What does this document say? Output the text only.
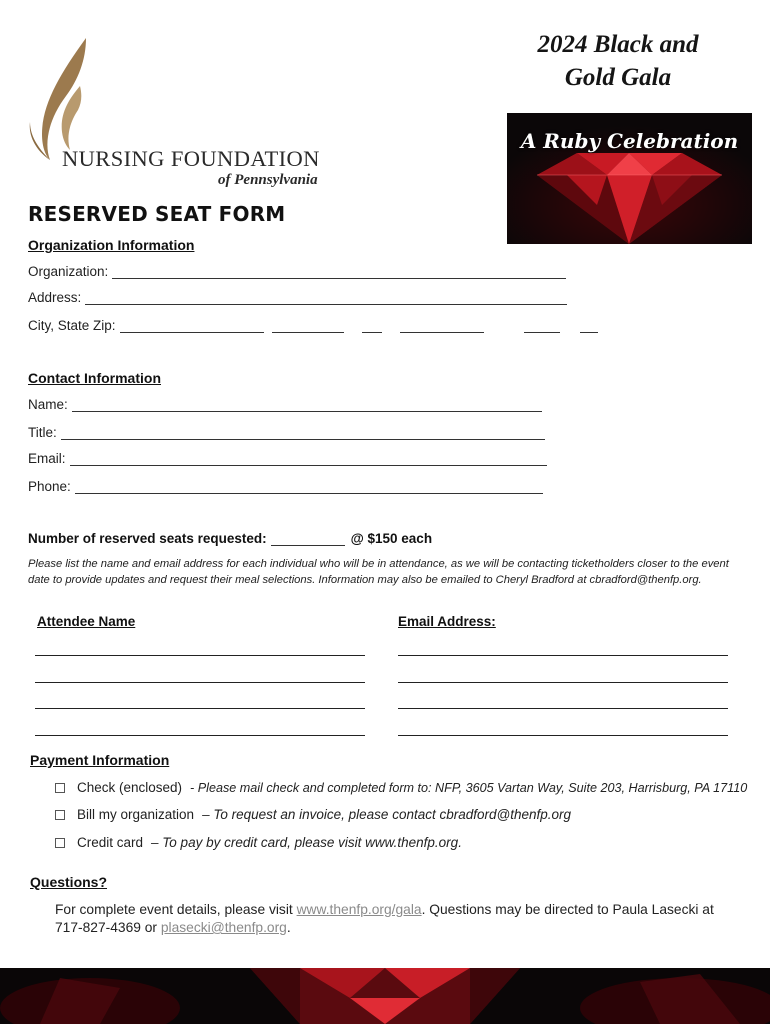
NURSING FOUNDATION
of Pennsylvania
2024 Black and
Gold Gala
A Ruby Celebration
RESERVED SEAT FORM
Organization Information
Organization:
Address:
City, State Zip:
Contact Information
Name:
Title:
Email:
Phone:
Number of reserved seats requested:	@ $150 each
Please list the name and email address for each individual who will be in attendance, as we will be contacting ticketholders closer to the event date to provide updates and request their meal selections. Information may also be emailed to Cheryl Bradford at cbradford@thenfp.org.
Attendee Name	Email Address:
Payment Information
Check (enclosed) - Please mail check and completed form to: NFP, 3605 Vartan Way, Suite 203, Harrisburg, PA 17110
Bill my organization – To request an invoice, please contact cbradford@thenfp.org
Credit card – To pay by credit card, please visit www.thenfp.org.
Questions?
For complete event details, please visit www.thenfp.org/gala. Questions may be directed to Paula Lasecki at 717-827-4369 or plasecki@thenfp.org.
